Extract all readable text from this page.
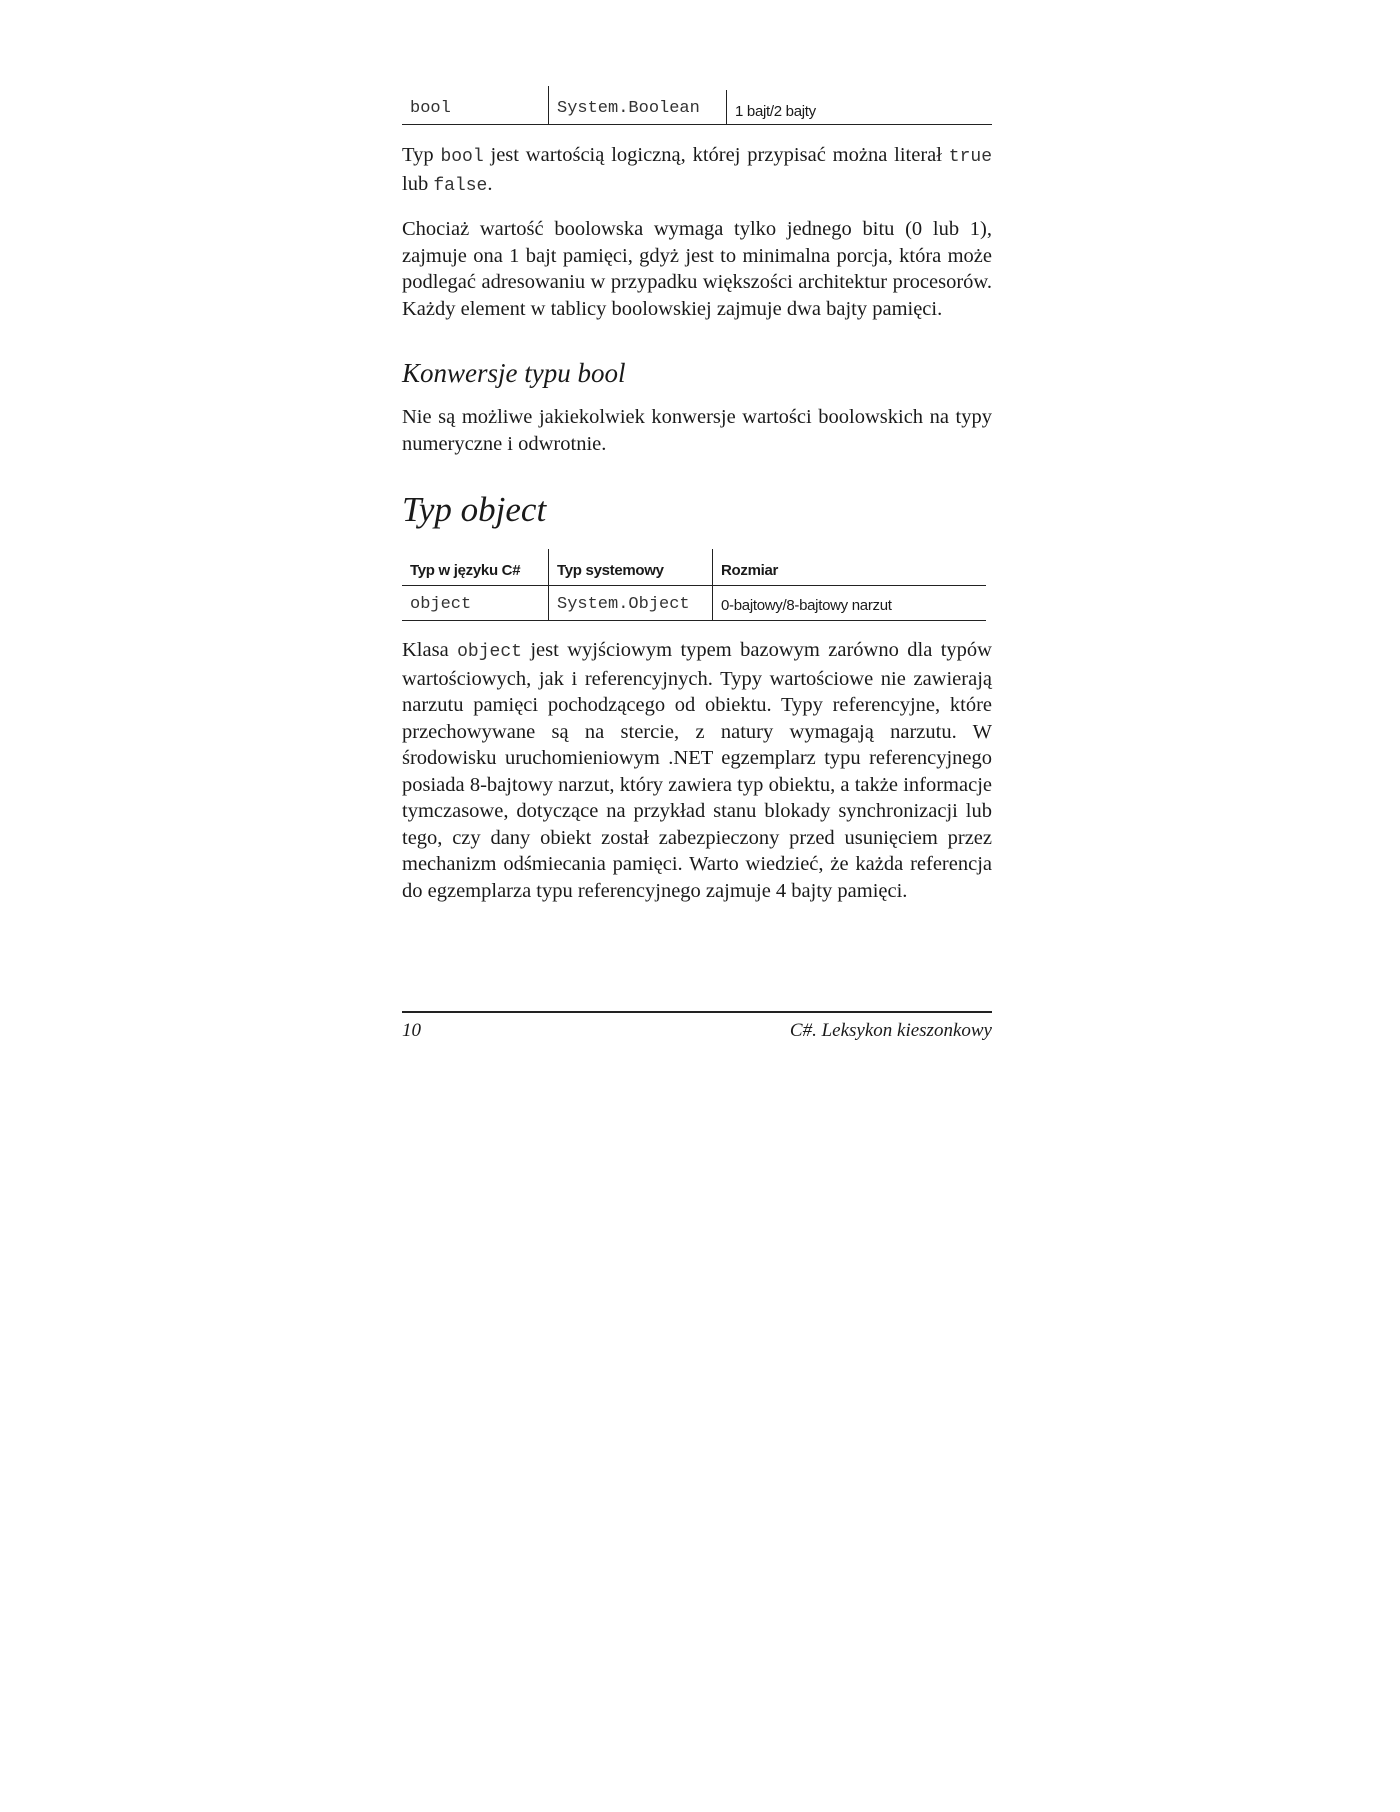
bool	System.Boolean	1 bajt/2 bajty

Typ bool jest wartością logiczną, której przypisać można literał true lub false.

Chociaż wartość boolowska wymaga tylko jednego bitu (0 lub 1), zajmuje ona 1 bajt pamięci, gdyż jest to minimalna porcja, która może podlegać adresowaniu w przypadku większości architektur procesorów. Każdy element w tablicy boolowskiej zajmuje dwa bajty pamięci.

Konwersje typu bool

Nie są możliwe jakiekolwiek konwersje wartości boolowskich na typy numeryczne i odwrotnie.

Typ object
Typ w języku C#	Typ systemowy	Rozmiar
object	System.Object	0-bajtowy/8-bajtowy narzut

Klasa object jest wyjściowym typem bazowym zarówno dla typów wartościowych, jak i referencyjnych. Typy wartościowe nie zawierają narzutu pamięci pochodzącego od obiektu. Typy referencyjne, które przechowywane są na stercie, z natury wymagają narzutu. W środowisku uruchomieniowym .NET egzemplarz typu referencyjnego posiada 8-bajtowy narzut, który zawiera typ obiektu, a także informacje tymczasowe, dotyczące na przykład stanu blokady synchronizacji lub tego, czy dany obiekt został zabezpieczony przed usunięciem przez mechanizm odśmiecania pamięci. Warto wiedzieć, że każda referencja do egzemplarza typu referencyjnego zajmuje 4 bajty pamięci.

10	C#. Leksykon kieszonkowy
